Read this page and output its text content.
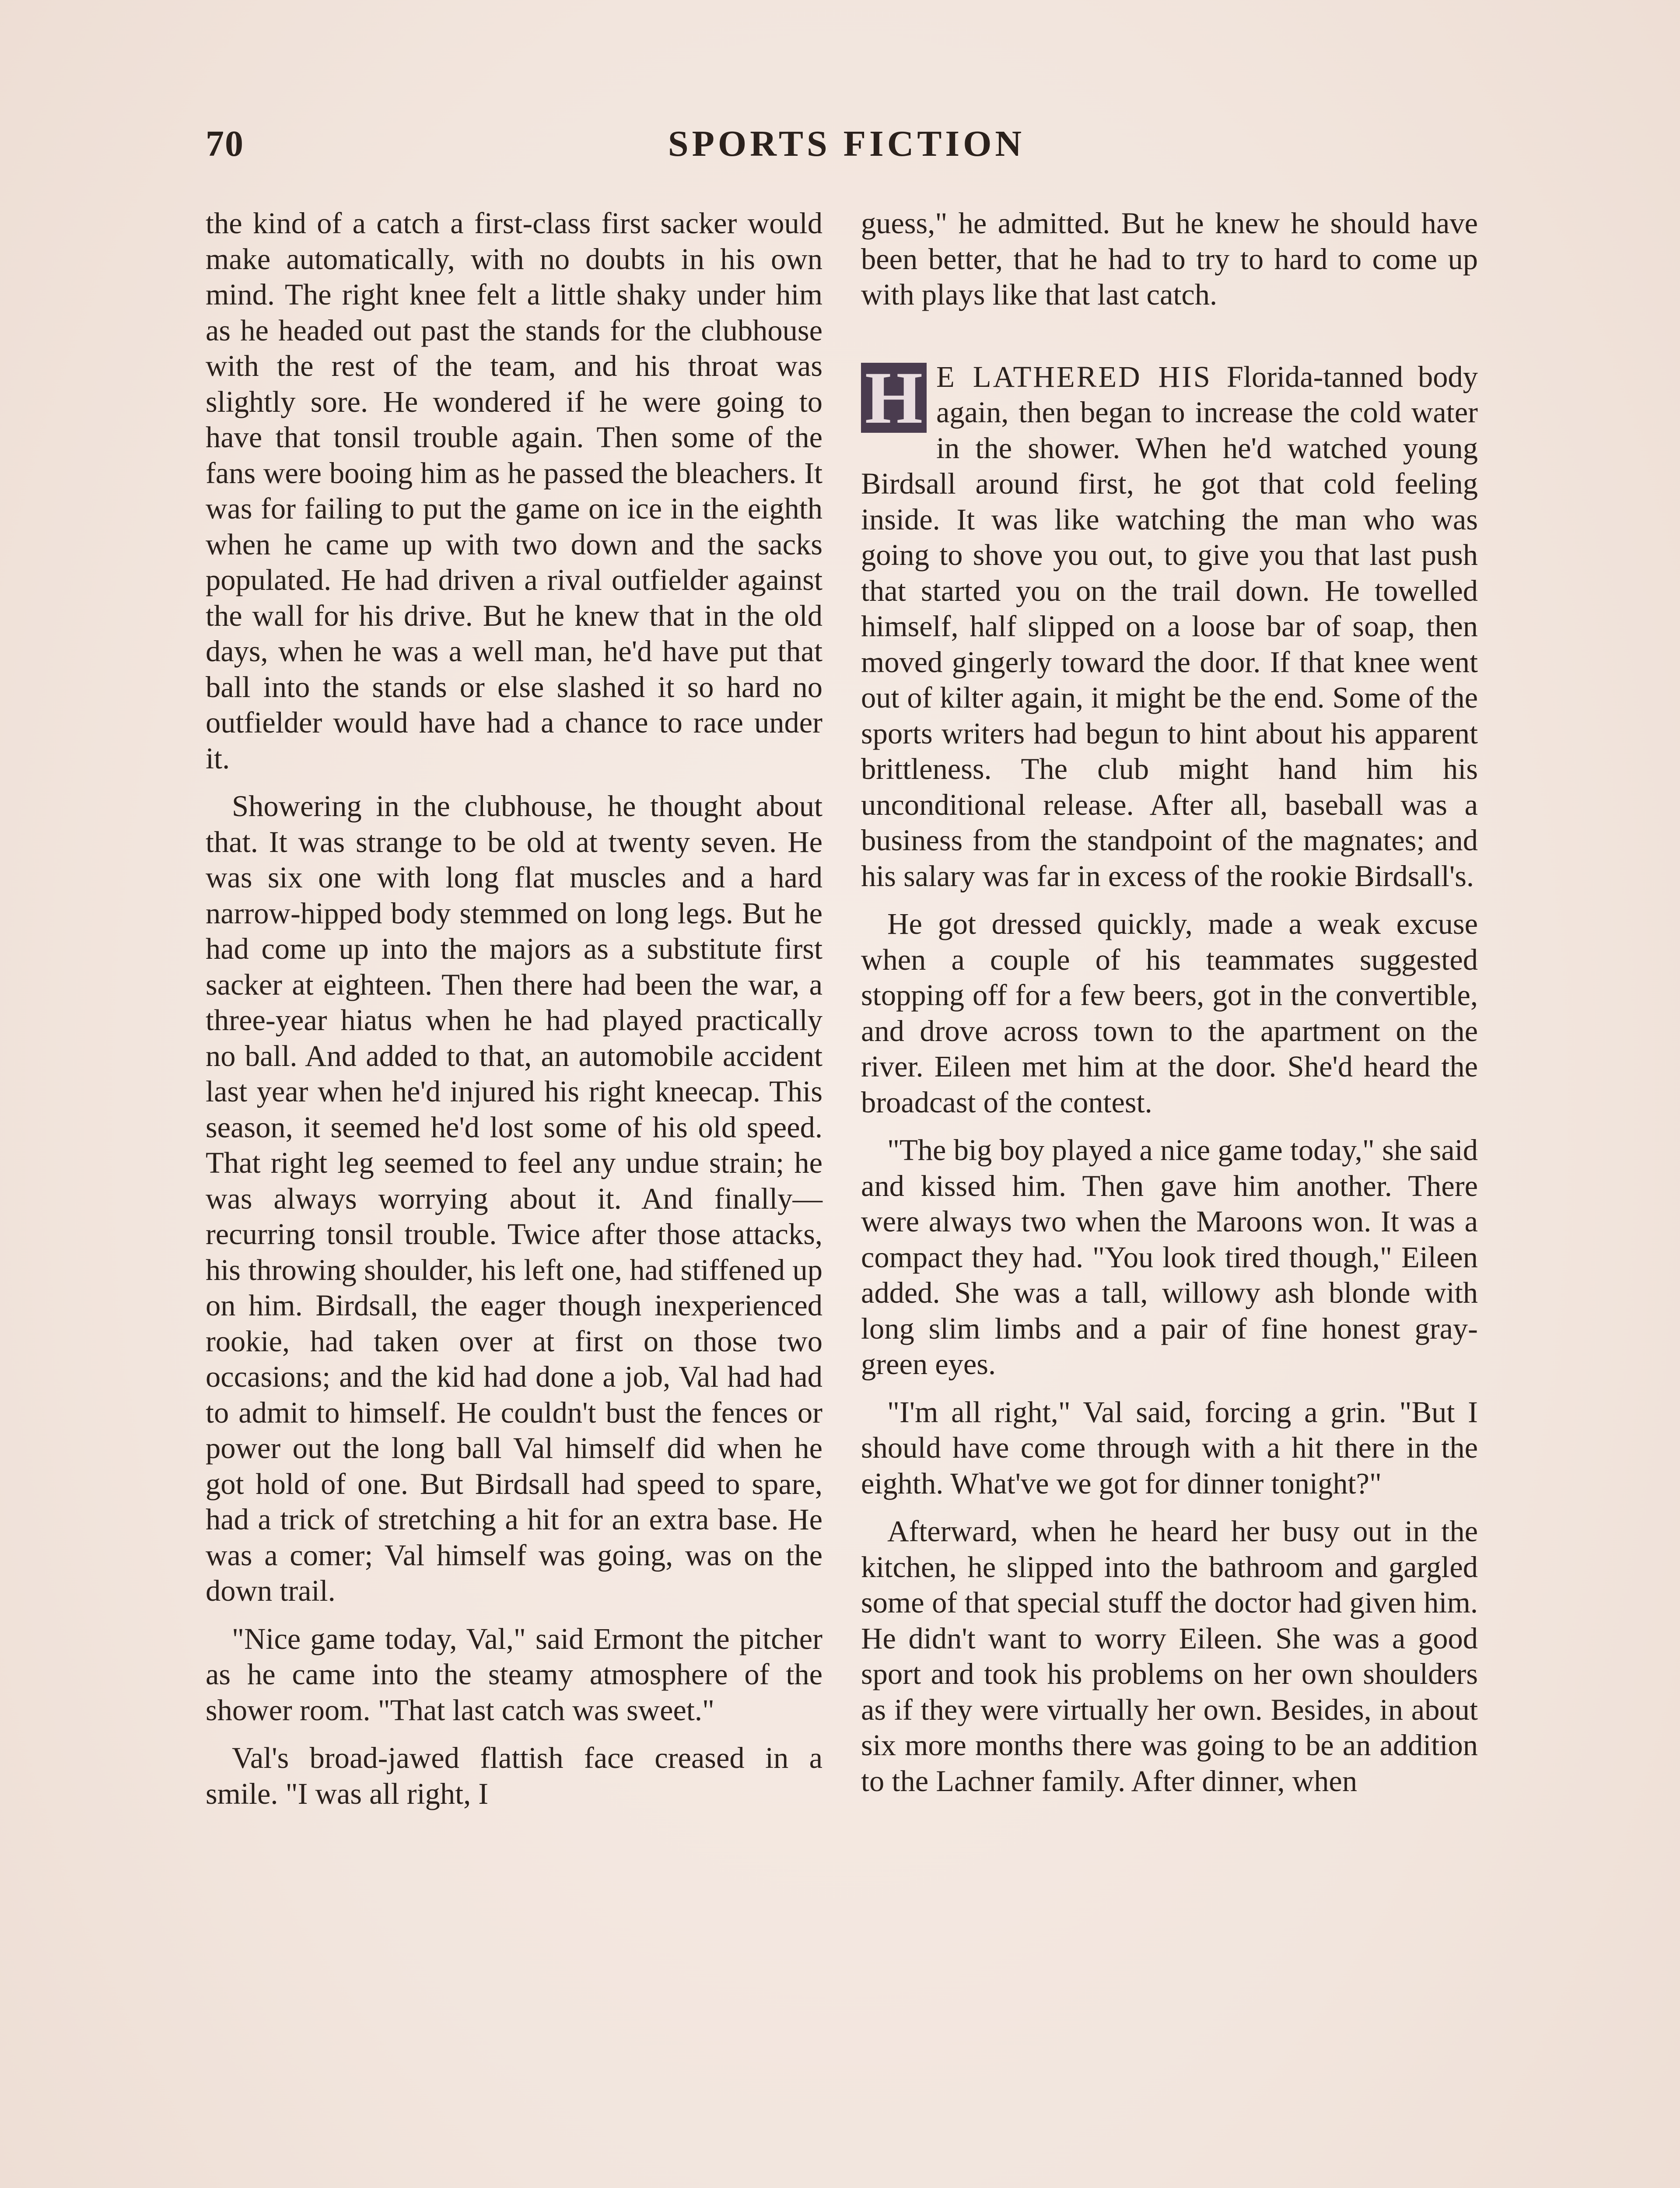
70	SPORTS FICTION

the kind of a catch a first-class first sacker would make automatically, with no doubts in his own mind. The right knee felt a little shaky under him as he headed out past the stands for the clubhouse with the rest of the team, and his throat was slightly sore. He wondered if he were going to have that tonsil trouble again. Then some of the fans were booing him as he passed the bleachers. It was for failing to put the game on ice in the eighth when he came up with two down and the sacks populated. He had driven a rival outfielder against the wall for his drive. But he knew that in the old days, when he was a well man, he'd have put that ball into the stands or else slashed it so hard no outfielder would have had a chance to race under it.

Showering in the clubhouse, he thought about that. It was strange to be old at twenty seven. He was six one with long flat muscles and a hard narrow-hipped body stemmed on long legs. But he had come up into the majors as a substitute first sacker at eighteen. Then there had been the war, a three-year hiatus when he had played practically no ball. And added to that, an automobile accident last year when he'd injured his right kneecap. This season, it seemed he'd lost some of his old speed. That right leg seemed to feel any undue strain; he was always worrying about it. And finally—recurring tonsil trouble. Twice after those attacks, his throwing shoulder, his left one, had stiffened up on him. Birdsall, the eager though inexperienced rookie, had taken over at first on those two occasions; and the kid had done a job, Val had had to admit to himself. He couldn't bust the fences or power out the long ball Val himself did when he got hold of one. But Birdsall had speed to spare, had a trick of stretching a hit for an extra base. He was a comer; Val himself was going, was on the down trail.

"Nice game today, Val," said Ermont the pitcher as he came into the steamy atmosphere of the shower room. "That last catch was sweet."

Val's broad-jawed flattish face creased in a smile. "I was all right, I

guess," he admitted. But he knew he should have been better, that he had to try to hard to come up with plays like that last catch.

H E LATHERED HIS Florida-tanned body again, then began to increase the cold water in the shower. When he'd watched young Birdsall around first, he got that cold feeling inside. It was like watching the man who was going to shove you out, to give you that last push that started you on the trail down. He towelled himself, half slipped on a loose bar of soap, then moved gingerly toward the door. If that knee went out of kilter again, it might be the end. Some of the sports writers had begun to hint about his apparent brittleness. The club might hand him his unconditional release. After all, baseball was a business from the standpoint of the magnates; and his salary was far in excess of the rookie Birdsall's.

He got dressed quickly, made a weak excuse when a couple of his teammates suggested stopping off for a few beers, got in the convertible, and drove across town to the apartment on the river. Eileen met him at the door. She'd heard the broadcast of the contest.

"The big boy played a nice game today," she said and kissed him. Then gave him another. There were always two when the Maroons won. It was a compact they had. "You look tired though," Eileen added. She was a tall, willowy ash blonde with long slim limbs and a pair of fine honest gray-green eyes.

"I'm all right," Val said, forcing a grin. "But I should have come through with a hit there in the eighth. What've we got for dinner tonight?"

Afterward, when he heard her busy out in the kitchen, he slipped into the bathroom and gargled some of that special stuff the doctor had given him. He didn't want to worry Eileen. She was a good sport and took his problems on her own shoulders as if they were virtually her own. Besides, in about six more months there was going to be an addition to the Lachner family. After dinner, when
